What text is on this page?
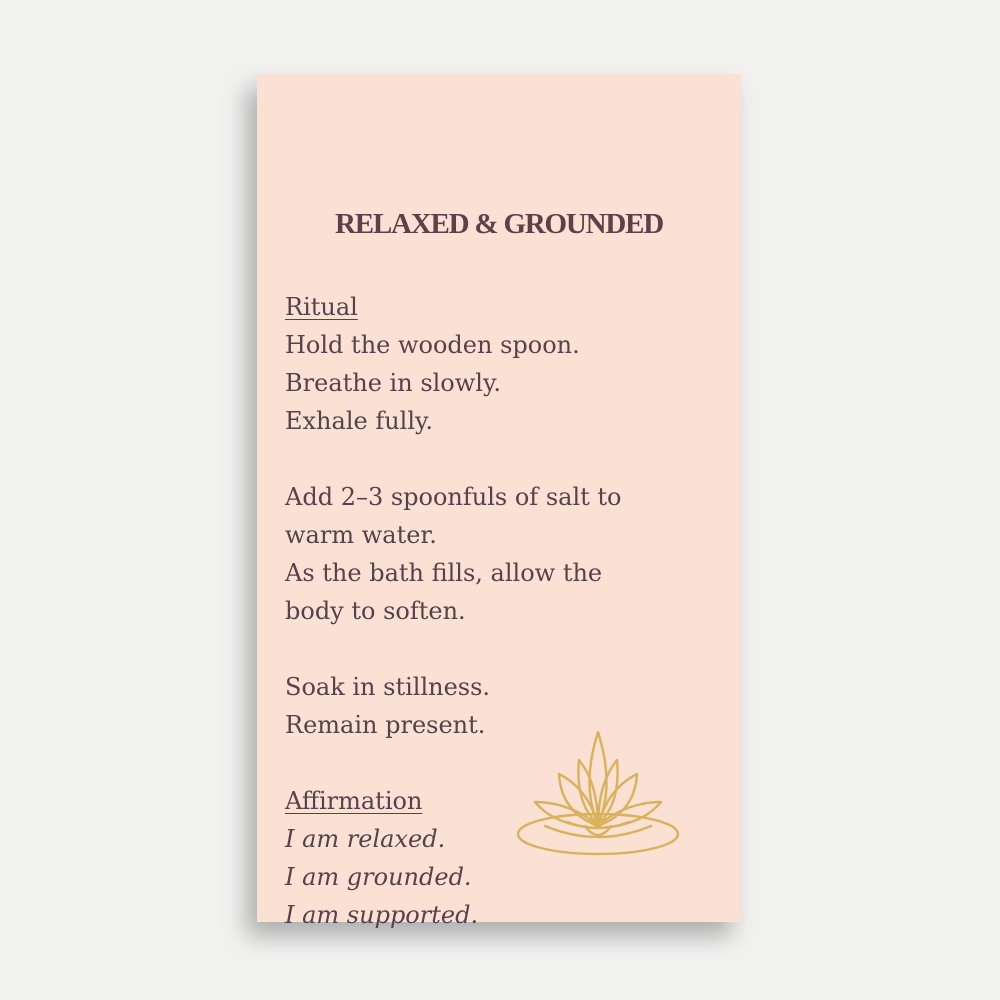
RELAXED & GROUNDED
Ritual
Hold the wooden spoon.
Breathe in slowly.
Exhale fully.
Add 2–3 spoonfuls of salt to
warm water.
As the bath fills, allow the
body to soften.
Soak in stillness.
Remain present.
Affirmation
I am relaxed.
I am grounded.
I am supported.
